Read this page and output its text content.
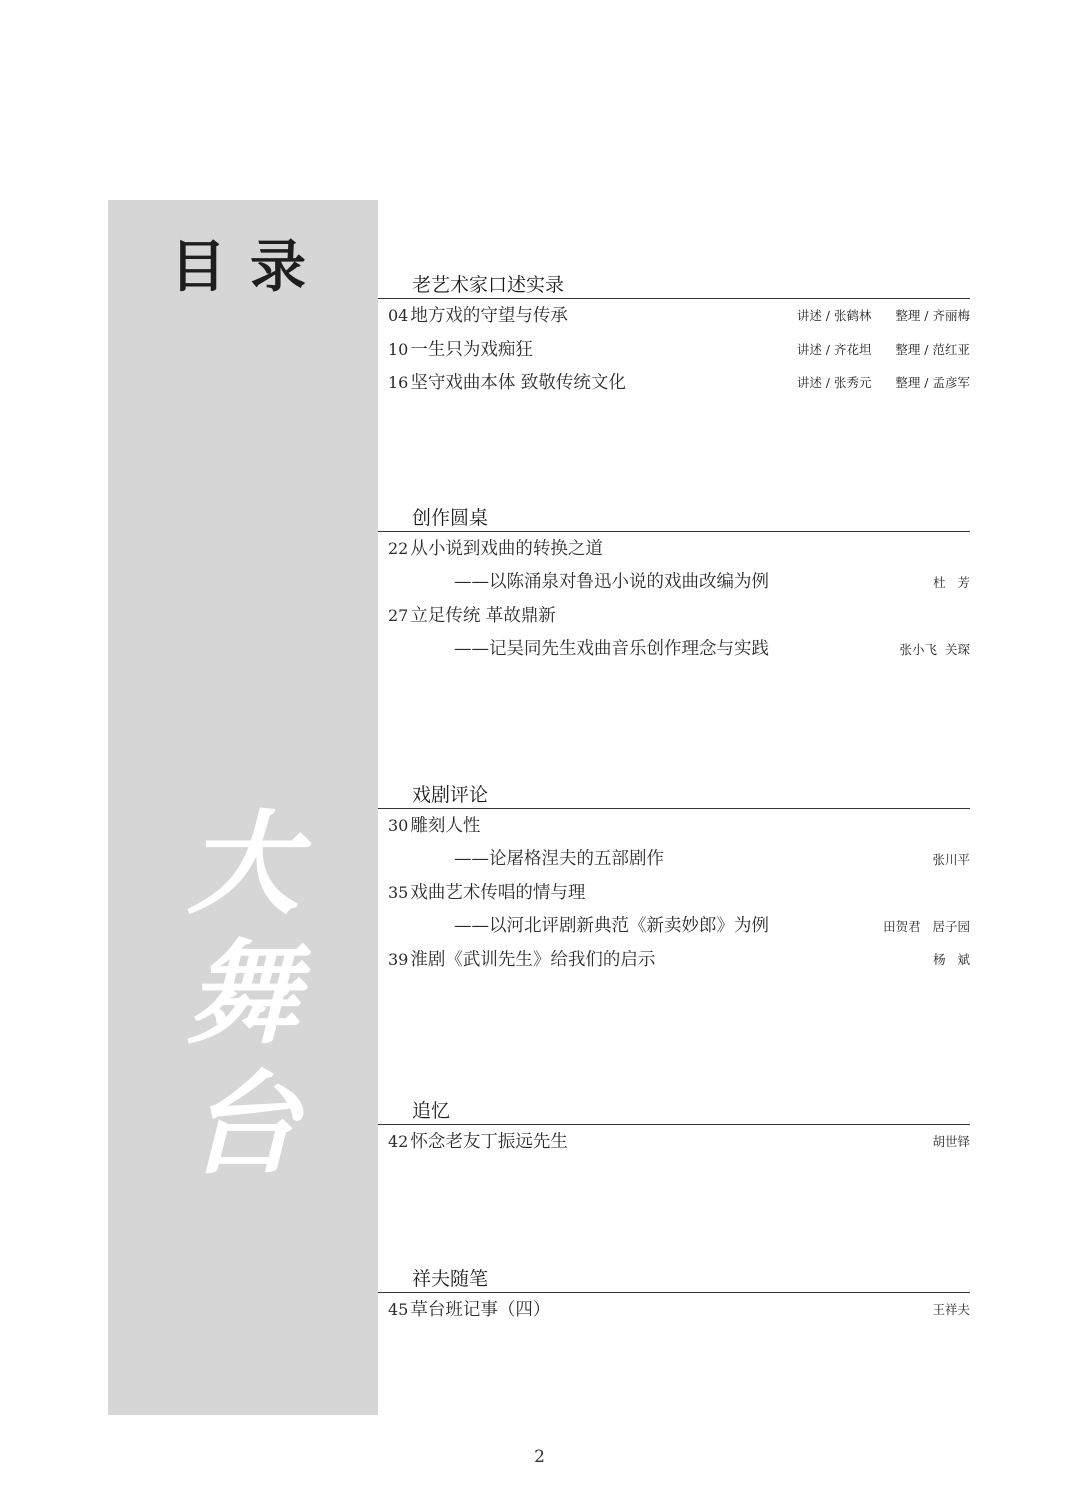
目录
大
舞
台
老艺术家口述实录
04 地方戏的守望与传承	讲述 / 张鹤林      整理 / 齐丽梅
10 一生只为戏痴狂	讲述 / 齐花坦      整理 / 范红亚
16 坚守戏曲本体 致敬传统文化	讲述 / 张秀元      整理 / 孟彦军
创作圆桌
22 从小说到戏曲的转换之道
——以陈涌泉对鲁迅小说的戏曲改编为例	杜   芳
27 立足传统 革故鼎新
——记吴同先生戏曲音乐创作理念与实践	张小飞  关琛
戏剧评论
30 雕刻人性
——论屠格涅夫的五部剧作	张川平
35 戏曲艺术传唱的情与理
——以河北评剧新典范《新卖妙郎》为例	田贺君   居子园
39 淮剧《武训先生》给我们的启示	杨   斌
追忆
42 怀念老友丁振远先生	胡世铎
祥夫随笔
45 草台班记事（四）	王祥夫
2
